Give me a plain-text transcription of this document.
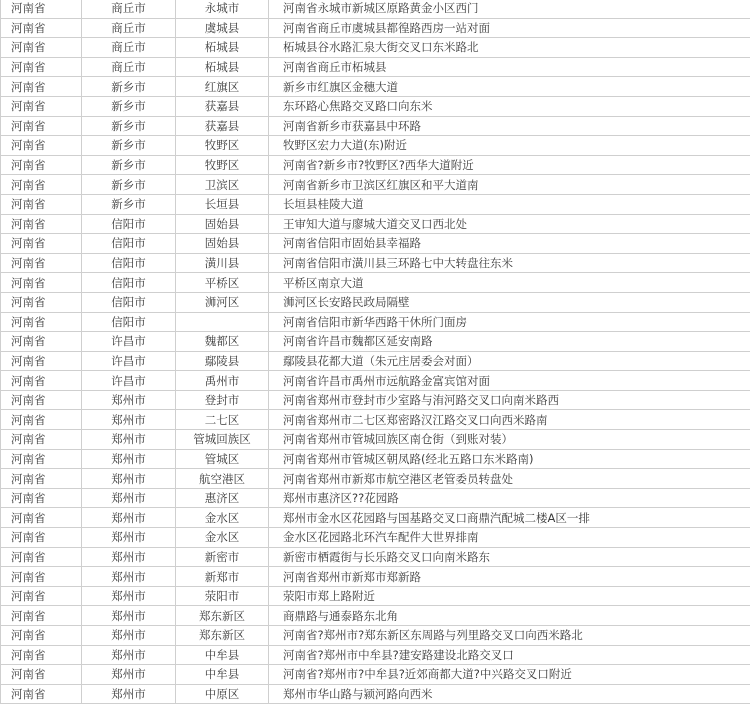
河南省	商丘市	永城市	河南省永城市新城区原路黄金小区西门
河南省	商丘市	虞城县	河南省商丘市虞城县都徨路西房一站对面
河南省	商丘市	柘城县	柘城县谷水路汇泉大街交叉口东米路北
河南省	商丘市	柘城县	河南省商丘市柘城县
河南省	新乡市	红旗区	新乡市红旗区金穗大道
河南省	新乡市	获嘉县	东环路心焦路交叉路口向东米
河南省	新乡市	获嘉县	河南省新乡市获嘉县中环路
河南省	新乡市	牧野区	牧野区宏力大道(东)附近
河南省	新乡市	牧野区	河南省?新乡市?牧野区?西华大道附近
河南省	新乡市	卫滨区	河南省新乡市卫滨区红旗区和平大道南
河南省	新乡市	长垣县	长垣县桂陵大道
河南省	信阳市	固始县	王审知大道与廖城大道交叉口西北处
河南省	信阳市	固始县	河南省信阳市固始县幸福路
河南省	信阳市	潢川县	河南省信阳市潢川县三环路七中大转盘往东米
河南省	信阳市	平桥区	平桥区南京大道
河南省	信阳市	浉河区	浉河区长安路民政局隔壁
河南省	信阳市		河南省信阳市新华西路干休所门面房
河南省	许昌市	魏都区	河南省许昌市魏都区延安南路
河南省	许昌市	鄢陵县	鄢陵县花都大道（朱元庄居委会对面）
河南省	许昌市	禹州市	河南省许昌市禹州市远航路金富宾馆对面
河南省	郑州市	登封市	河南省郑州市登封市少室路与洧河路交叉口向南米路西
河南省	郑州市	二七区	河南省郑州市二七区郑密路汉江路交叉口向西米路南
河南省	郑州市	管城回族区	河南省郑州市管城回族区南仓街（到账对装）
河南省	郑州市	管城区	河南省郑州市管城区朝凤路(经北五路口东米路南)
河南省	郑州市	航空港区	河南省郑州市新郑市航空港区老管委员转盘处
河南省	郑州市	惠济区	郑州市惠济区??花园路
河南省	郑州市	金水区	郑州市金水区花园路与国基路交叉口商鼎汽配城二楼A区一排
河南省	郑州市	金水区	金水区花园路北环汽车配件大世界排南
河南省	郑州市	新密市	新密市栖霞街与长乐路交叉口向南米路东
河南省	郑州市	新郑市	河南省郑州市新郑市郑新路
河南省	郑州市	荥阳市	荥阳市郑上路附近
河南省	郑州市	郑东新区	商鼎路与通泰路东北角
河南省	郑州市	郑东新区	河南省?郑州市?郑东新区东周路与列里路交叉口向西米路北
河南省	郑州市	中牟县	河南省?郑州市中牟县?建安路建设北路交叉口
河南省	郑州市	中牟县	河南省?郑州市?中牟县?近郊商都大道?中兴路交叉口附近
河南省	郑州市	中原区	郑州市华山路与颍河路向西米
